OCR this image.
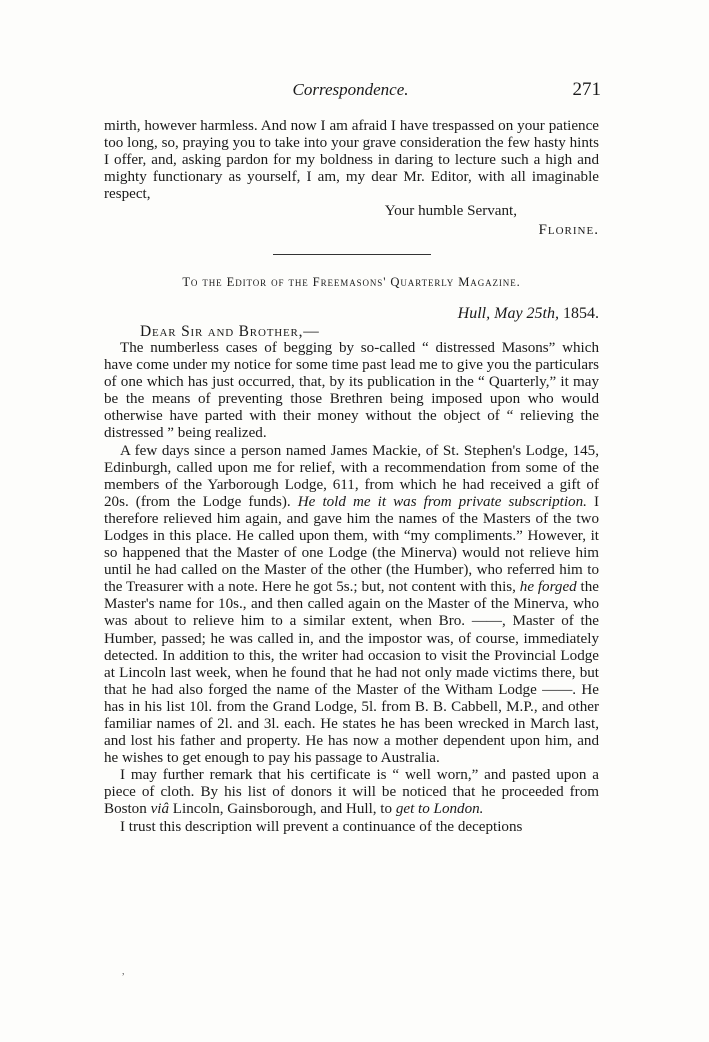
Correspondence.	271

mirth, however harmless. And now I am afraid I have trespassed on your patience too long, so, praying you to take into your grave consideration the few hasty hints I offer, and, asking pardon for my boldness in daring to lecture such a high and mighty functionary as yourself, I am, my dear Mr. Editor, with all imaginable respect,

Your humble Servant,

Florine.

To the Editor of the Freemasons' Quarterly Magazine.

Hull, May 25th, 1854.

Dear Sir and Brother,—

The numberless cases of begging by so-called “ distressed Masons” which have come under my notice for some time past lead me to give you the particulars of one which has just occurred, that, by its publication in the “ Quarterly,” it may be the means of preventing those Brethren being imposed upon who would otherwise have parted with their money without the object of “ relieving the distressed ” being realized.

A few days since a person named James Mackie, of St. Stephen's Lodge, 145, Edinburgh, called upon me for relief, with a recommendation from some of the members of the Yarborough Lodge, 611, from which he had received a gift of 20s. (from the Lodge funds). He told me it was from private subscription. I therefore relieved him again, and gave him the names of the Masters of the two Lodges in this place. He called upon them, with “my compliments.” However, it so happened that the Master of one Lodge (the Minerva) would not relieve him until he had called on the Master of the other (the Humber), who referred him to the Treasurer with a note. Here he got 5s.; but, not content with this, he forged the Master's name for 10s., and then called again on the Master of the Minerva, who was about to relieve him to a similar extent, when Bro. ——, Master of the Humber, passed; he was called in, and the impostor was, of course, immediately detected. In addition to this, the writer had occasion to visit the Provincial Lodge at Lincoln last week, when he found that he had not only made victims there, but that he had also forged the name of the Master of the Witham Lodge ——. He has in his list 10l. from the Grand Lodge, 5l. from B. B. Cabbell, M.P., and other familiar names of 2l. and 3l. each. He states he has been wrecked in March last, and lost his father and property. He has now a mother dependent upon him, and he wishes to get enough to pay his passage to Australia.

I may further remark that his certificate is “ well worn,” and pasted upon a piece of cloth. By his list of donors it will be noticed that he proceeded from Boston viâ Lincoln, Gainsborough, and Hull, to get to London.

I trust this description will prevent a continuance of the deceptions

,
